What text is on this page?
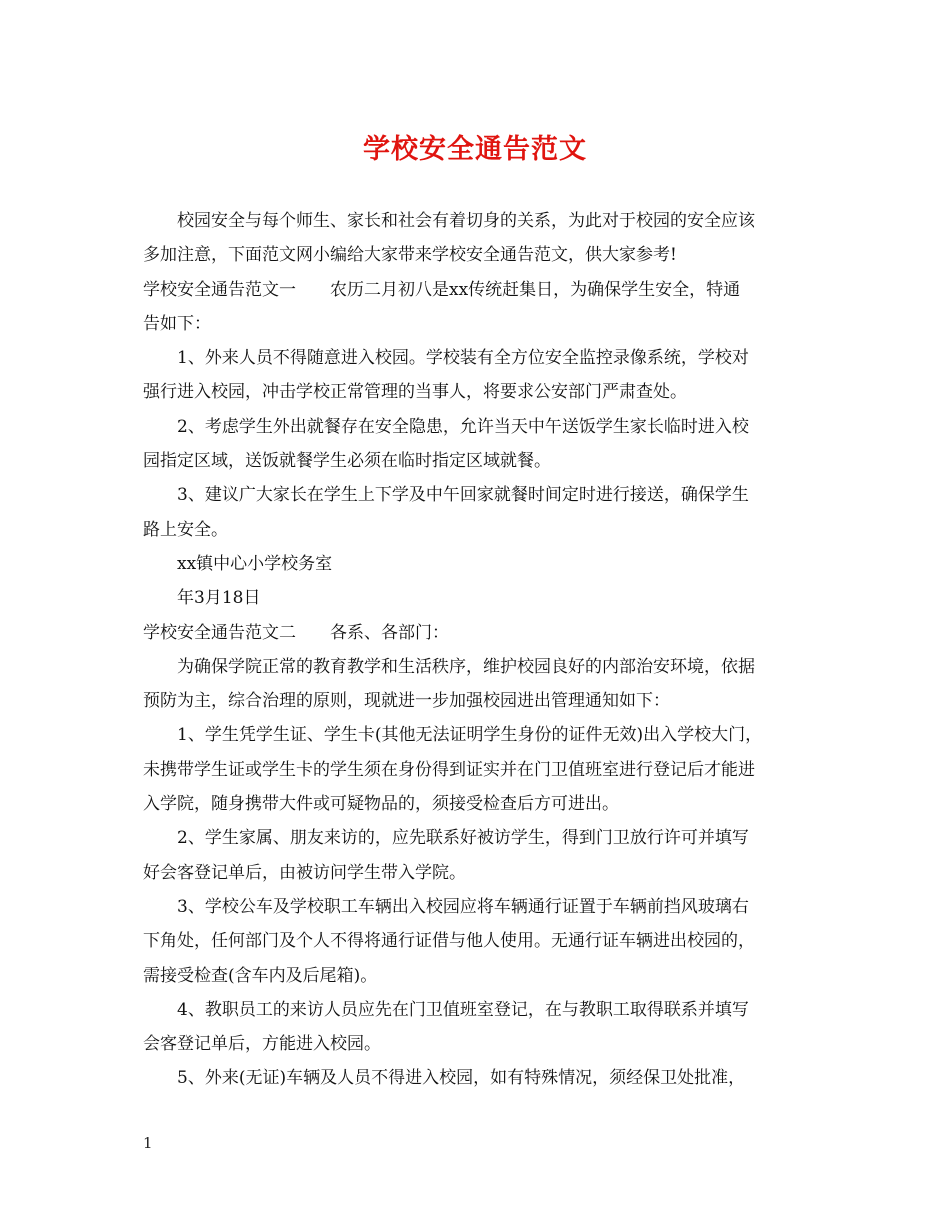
学校安全通告范文

校园安全与每个师生、家长和社会有着切身的关系，为此对于校园的安全应该

多加注意，下面范文网小编给大家带来学校安全通告范文，供大家参考!

学校安全通告范文一　　农历二月初八是xx传统赶集日，为确保学生安全，特通

告如下：

1、外来人员不得随意进入校园。学校装有全方位安全监控录像系统，学校对

强行进入校园，冲击学校正常管理的当事人，将要求公安部门严肃查处。

2、考虑学生外出就餐存在安全隐患，允许当天中午送饭学生家长临时进入校

园指定区域，送饭就餐学生必须在临时指定区域就餐。

3、建议广大家长在学生上下学及中午回家就餐时间定时进行接送，确保学生

路上安全。

xx镇中心小学校务室

年3月18日

学校安全通告范文二　　各系、各部门：

为确保学院正常的教育教学和生活秩序，维护校园良好的内部治安环境，依据

预防为主，综合治理的原则，现就进一步加强校园进出管理通知如下：

1、学生凭学生证、学生卡(其他无法证明学生身份的证件无效)出入学校大门，

未携带学生证或学生卡的学生须在身份得到证实并在门卫值班室进行登记后才能进

入学院，随身携带大件或可疑物品的，须接受检查后方可进出。

2、学生家属、朋友来访的，应先联系好被访学生，得到门卫放行许可并填写

好会客登记单后，由被访问学生带入学院。

3、学校公车及学校职工车辆出入校园应将车辆通行证置于车辆前挡风玻璃右

下角处，任何部门及个人不得将通行证借与他人使用。无通行证车辆进出校园的，

需接受检查(含车内及后尾箱)。

4、教职员工的来访人员应先在门卫值班室登记，在与教职工取得联系并填写

会客登记单后，方能进入校园。

5、外来(无证)车辆及人员不得进入校园，如有特殊情况，须经保卫处批准，

1
